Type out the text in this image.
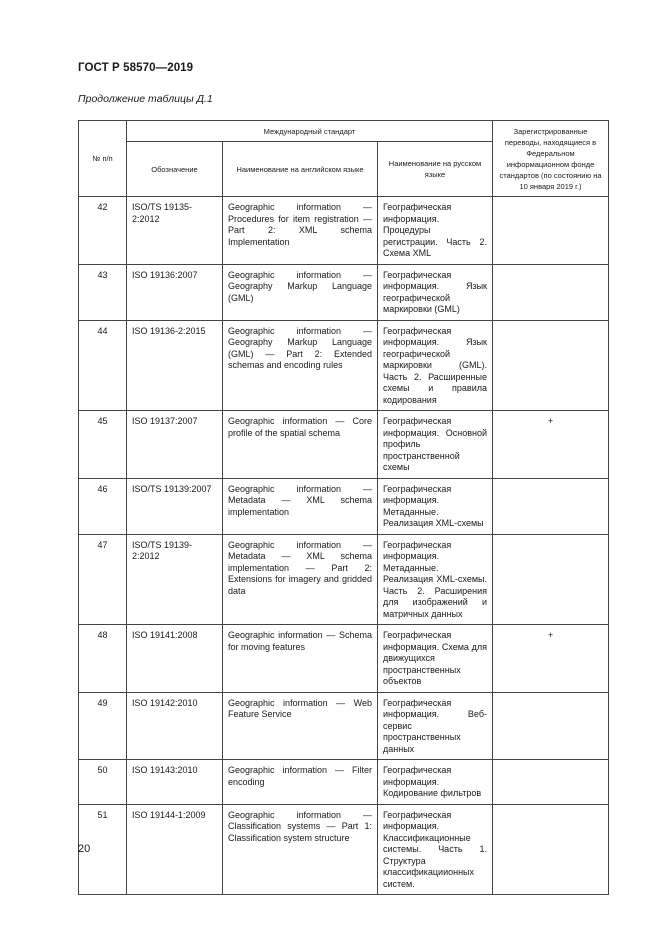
ГОСТ Р 58570—2019
Продолжение таблицы Д.1
№ п/п	Международный стандарт			Зарегистрированные переводы, находящиеся в Федеральном информационном фонде стандартов (по состоянию на 10 января 2019 г.)
	Обозначение	Наименование на английском языке	Наименование на русском языке	
42	ISO/TS 19135-2:2012	Geographic information — Procedures for item registration — Part 2: XML schema Implementation	Географическая информация. Процедуры регистрации. Часть 2. Схема XML	
43	ISO 19136:2007	Geographic information — Geography Markup Language (GML)	Географическая информация. Язык географической маркировки (GML)	
44	ISO 19136-2:2015	Geographic information — Geography Markup Language (GML) — Part 2: Extended schemas and encoding rules	Географическая информация. Язык географической маркировки (GML). Часть 2. Расширенные схемы и правила кодирования	
45	ISO 19137:2007	Geographic information — Core profile of the spatial schema	Географическая информация. Основной профиль пространственной схемы	+
46	ISO/TS 19139:2007	Geographic information — Metadata — XML schema implementation	Географическая информация. Метаданные. Реализация XML-схемы	
47	ISO/TS 19139-2:2012	Geographic information — Metadata — XML schema implementation — Part 2: Extensions for imagery and gridded data	Географическая информация. Метаданные. Реализация XML-схемы. Часть 2. Расширения для изображений и матричных данных	
48	ISO 19141:2008	Geographic information — Schema for moving features	Географическая информация. Схема для движущихся пространственных объектов	+
49	ISO 19142:2010	Geographic information — Web Feature Service	Географическая информация. Веб-сервис пространственных данных	
50	ISO 19143:2010	Geographic information — Filter encoding	Географическая информация. Кодирование фильтров	
51	ISO 19144-1:2009	Geographic information — Classification systems — Part 1: Classification system structure	Географическая информация. Классификационные системы. Часть 1. Структура классификациионных систем.	
20
